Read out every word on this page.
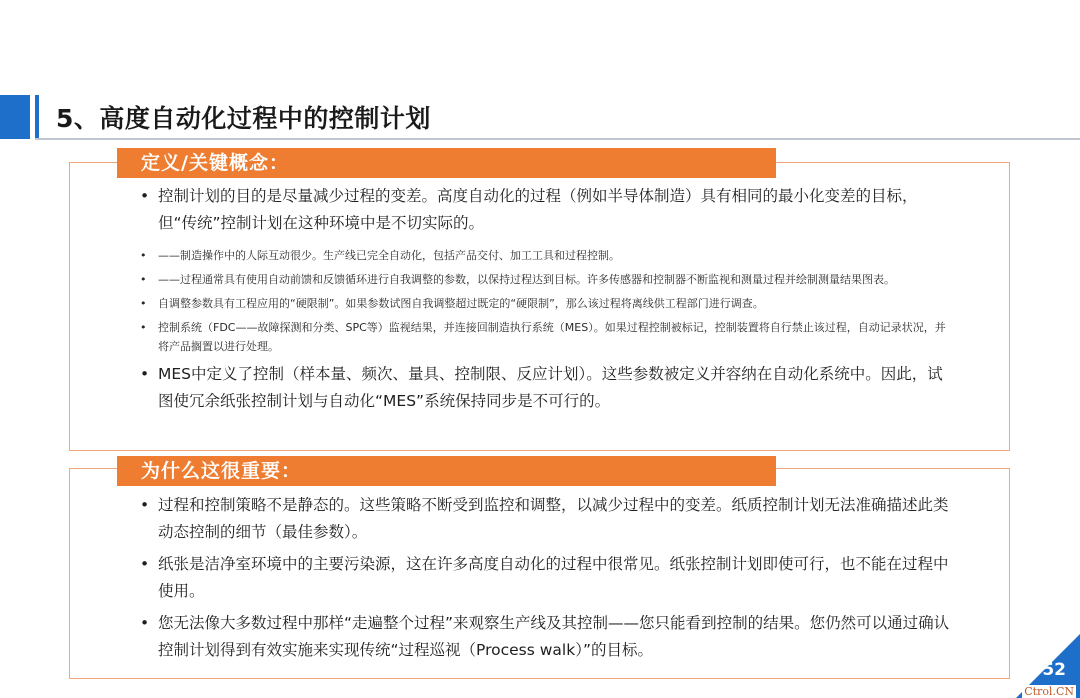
5、高度自动化过程中的控制计划
定义/关键概念：
• 控制计划的目的是尽量减少过程的变差。高度自动化的过程（例如半导体制造）具有相同的最小化变差的目标，但“传统”控制计划在这种环境中是不切实际的。
• ——制造操作中的人际互动很少。生产线已完全自动化，包括产品交付、加工工具和过程控制。
• ——过程通常具有使用自动前馈和反馈循环进行自我调整的参数，以保持过程达到目标。许多传感器和控制器不断监视和测量过程并绘制测量结果图表。
• 自调整参数具有工程应用的“硬限制”。如果参数试图自我调整超过既定的“硬限制”，那么该过程将离线供工程部门进行调查。
• 控制系统（FDC——故障探测和分类、SPC等）监视结果，并连接回制造执行系统（MES）。如果过程控制被标记，控制装置将自行禁止该过程，自动记录状况，并将产品搁置以进行处理。
• MES中定义了控制（样本量、频次、量具、控制限、反应计划）。这些参数被定义并容纳在自动化系统中。因此，试图使冗余纸张控制计划与自动化“MES”系统保持同步是不可行的。
为什么这很重要：
• 过程和控制策略不是静态的。这些策略不断受到监控和调整，以减少过程中的变差。纸质控制计划无法准确描述此类动态控制的细节（最佳参数）。
• 纸张是洁净室环境中的主要污染源，这在许多高度自动化的过程中很常见。纸张控制计划即使可行，也不能在过程中使用。
• 您无法像大多数过程中那样“走遍整个过程”来观察生产线及其控制——您只能看到控制的结果。您仍然可以通过确认控制计划得到有效实施来实现传统“过程巡视（Process walk）”的目标。
52
Ctrol.CN
